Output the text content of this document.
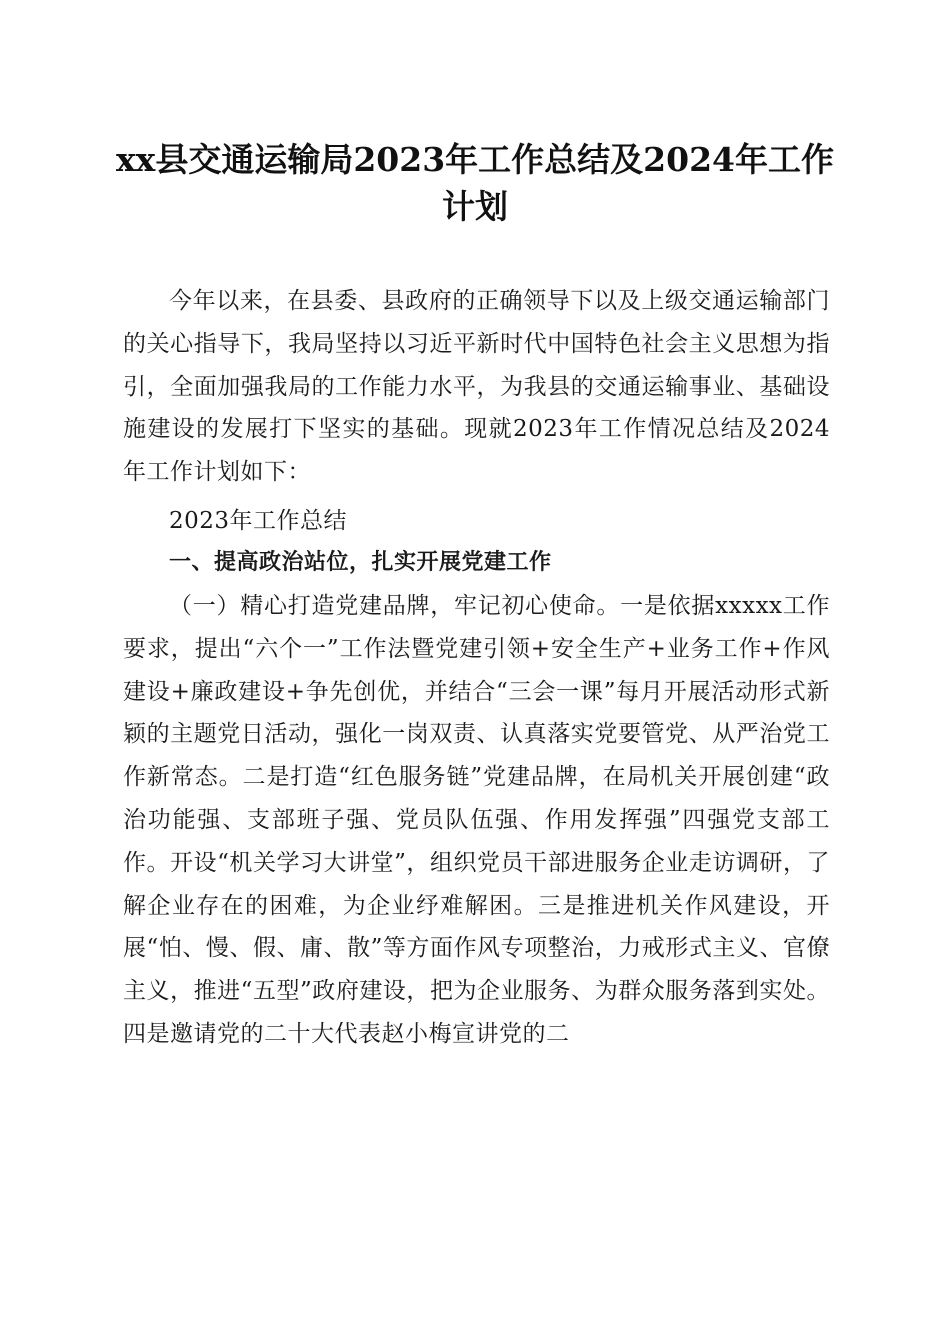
xx县交通运输局2023年工作总结及2024年工作计划

今年以来，在县委、县政府的正确领导下以及上级交通运输部门的关心指导下，我局坚持以习近平新时代中国特色社会主义思想为指引，全面加强我局的工作能力水平，为我县的交通运输事业、基础设施建设的发展打下坚实的基础。现就2023年工作情况总结及2024年工作计划如下：

2023年工作总结

一、提高政治站位，扎实开展党建工作

（一）精心打造党建品牌，牢记初心使命。一是依据xxxxx工作要求，提出“六个一”工作法暨党建引领+安全生产+业务工作+作风建设+廉政建设+争先创优，并结合“三会一课”每月开展活动形式新颖的主题党日活动，强化一岗双责、认真落实党要管党、从严治党工作新常态。二是打造“红色服务链”党建品牌，在局机关开展创建“政治功能强、支部班子强、党员队伍强、作用发挥强”四强党支部工作。开设“机关学习大讲堂”，组织党员干部进服务企业走访调研，了解企业存在的困难，为企业纾难解困。三是推进机关作风建设，开展“怕、慢、假、庸、散”等方面作风专项整治，力戒形式主义、官僚主义，推进“五型”政府建设，把为企业服务、为群众服务落到实处。四是邀请党的二十大代表赵小梅宣讲党的二
